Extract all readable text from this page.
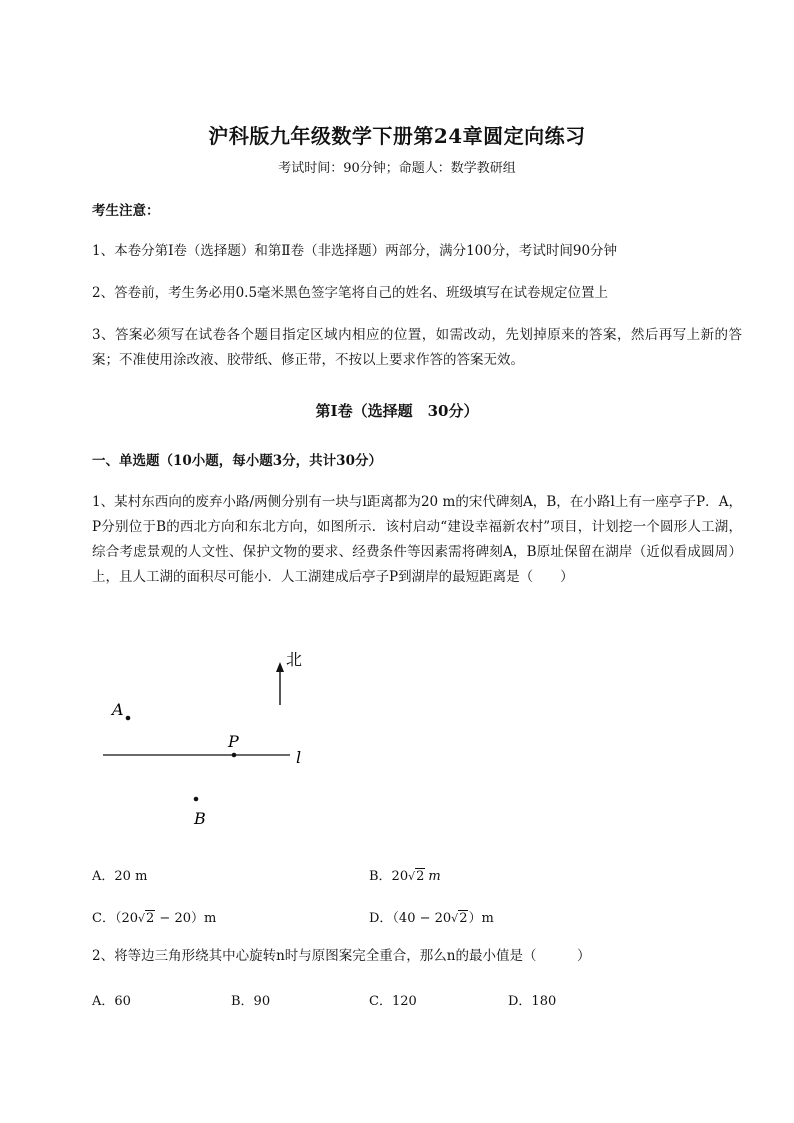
沪科版九年级数学下册第24章圆定向练习
考试时间：90分钟；命题人：数学教研组
考生注意：
1、本卷分第I卷（选择题）和第Ⅱ卷（非选择题）两部分，满分100分，考试时间90分钟
2、答卷前，考生务必用0.5毫米黑色签字笔将自己的姓名、班级填写在试卷规定位置上
3、答案必须写在试卷各个题目指定区域内相应的位置，如需改动，先划掉原来的答案，然后再写上新的答案；不准使用涂改液、胶带纸、修正带，不按以上要求作答的答案无效。
第I卷（选择题　30分）
一、单选题（10小题，每小题3分，共计30分）
1、某村东西向的废弃小路/两侧分别有一块与l距离都为20 m的宋代碑刻A，B，在小路l上有一座亭子P．A，P分别位于B的西北方向和东北方向，如图所示．该村启动“建设幸福新农村”项目，计划挖一个圆形人工湖，综合考虑景观的人文性、保护文物的要求、经费条件等因素需将碑刻A，B原址保留在湖岸（近似看成圆周）上，且人工湖的面积尽可能小．人工湖建成后亭子P到湖岸的最短距离是（　　）
北
l
A
P
B
A．20 m	B．20√2 m
C．（20√2 − 20）m	D．（40 − 20√2）m
2、将等边三角形绕其中心旋转n时与原图案完全重合，那么n的最小值是（　　　）
A．60	B．90	C．120	D．180
